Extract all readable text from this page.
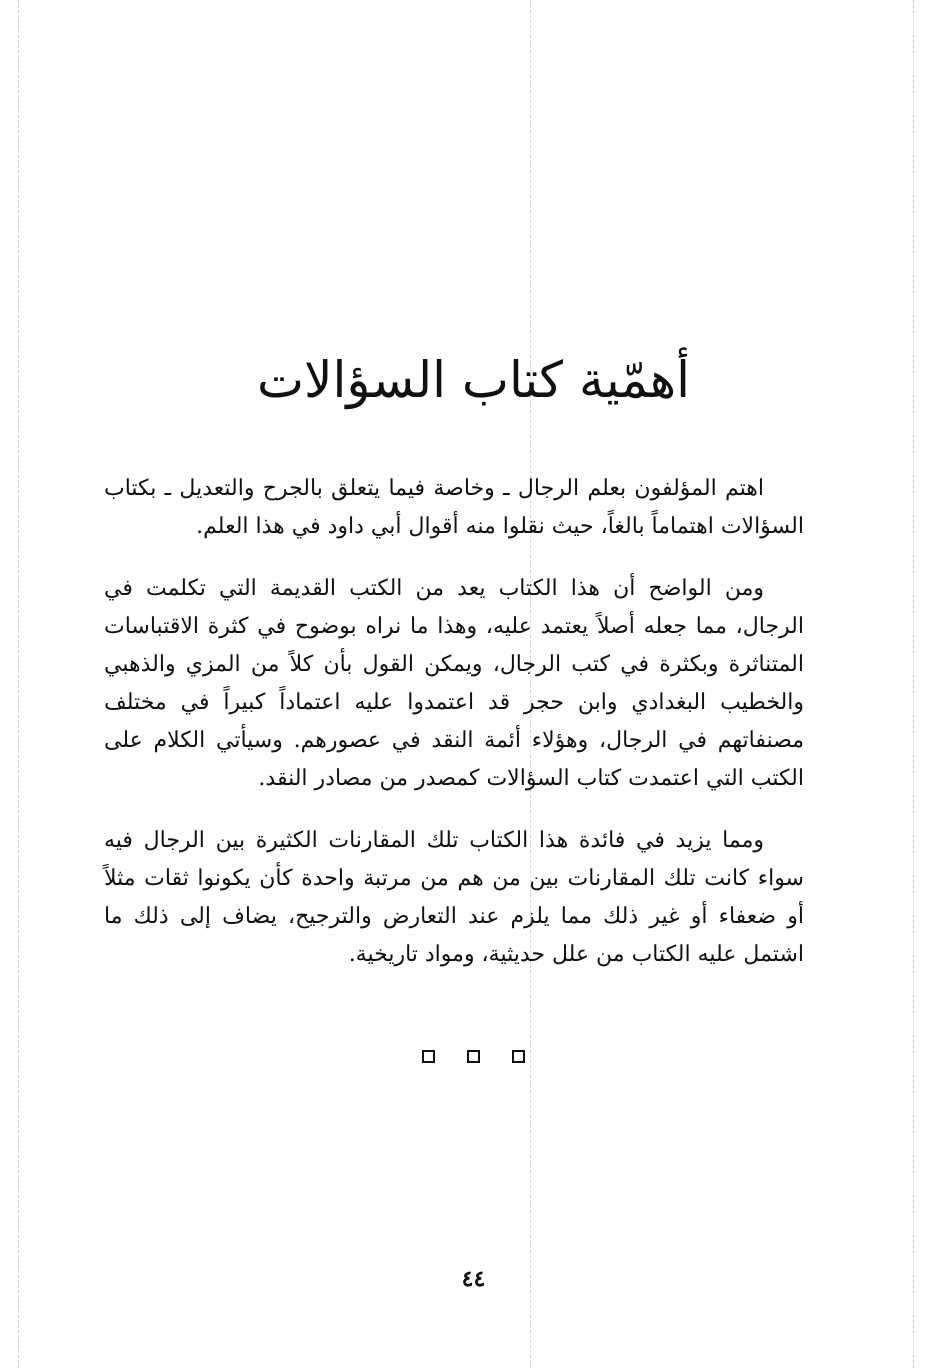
أهمّية كتاب السؤالات

اهتم المؤلفون بعلم الرجال ـ وخاصة فيما يتعلق بالجرح والتعديل ـ بكتاب السؤالات اهتماماً بالغاً، حيث نقلوا منه أقوال أبي داود في هذا العلم.

ومن الواضح أن هذا الكتاب يعد من الكتب القديمة التي تكلمت في الرجال، مما جعله أصلاً يعتمد عليه، وهذا ما نراه بوضوح في كثرة الاقتباسات المتناثرة وبكثرة في كتب الرجال، ويمكن القول بأن كلاً من المزي والذهبي والخطيب البغدادي وابن حجر قد اعتمدوا عليه اعتماداً كبيراً في مختلف مصنفاتهم في الرجال، وهؤلاء أئمة النقد في عصورهم. وسيأتي الكلام على الكتب التي اعتمدت كتاب السؤالات كمصدر من مصادر النقد.

ومما يزيد في فائدة هذا الكتاب تلك المقارنات الكثيرة بين الرجال فيه سواء كانت تلك المقارنات بين من هم من مرتبة واحدة كأن يكونوا ثقات مثلاً أو ضعفاء أو غير ذلك مما يلزم عند التعارض والترجيح، يضاف إلى ذلك ما اشتمل عليه الكتاب من علل حديثية، ومواد تاريخية.

٤٤
